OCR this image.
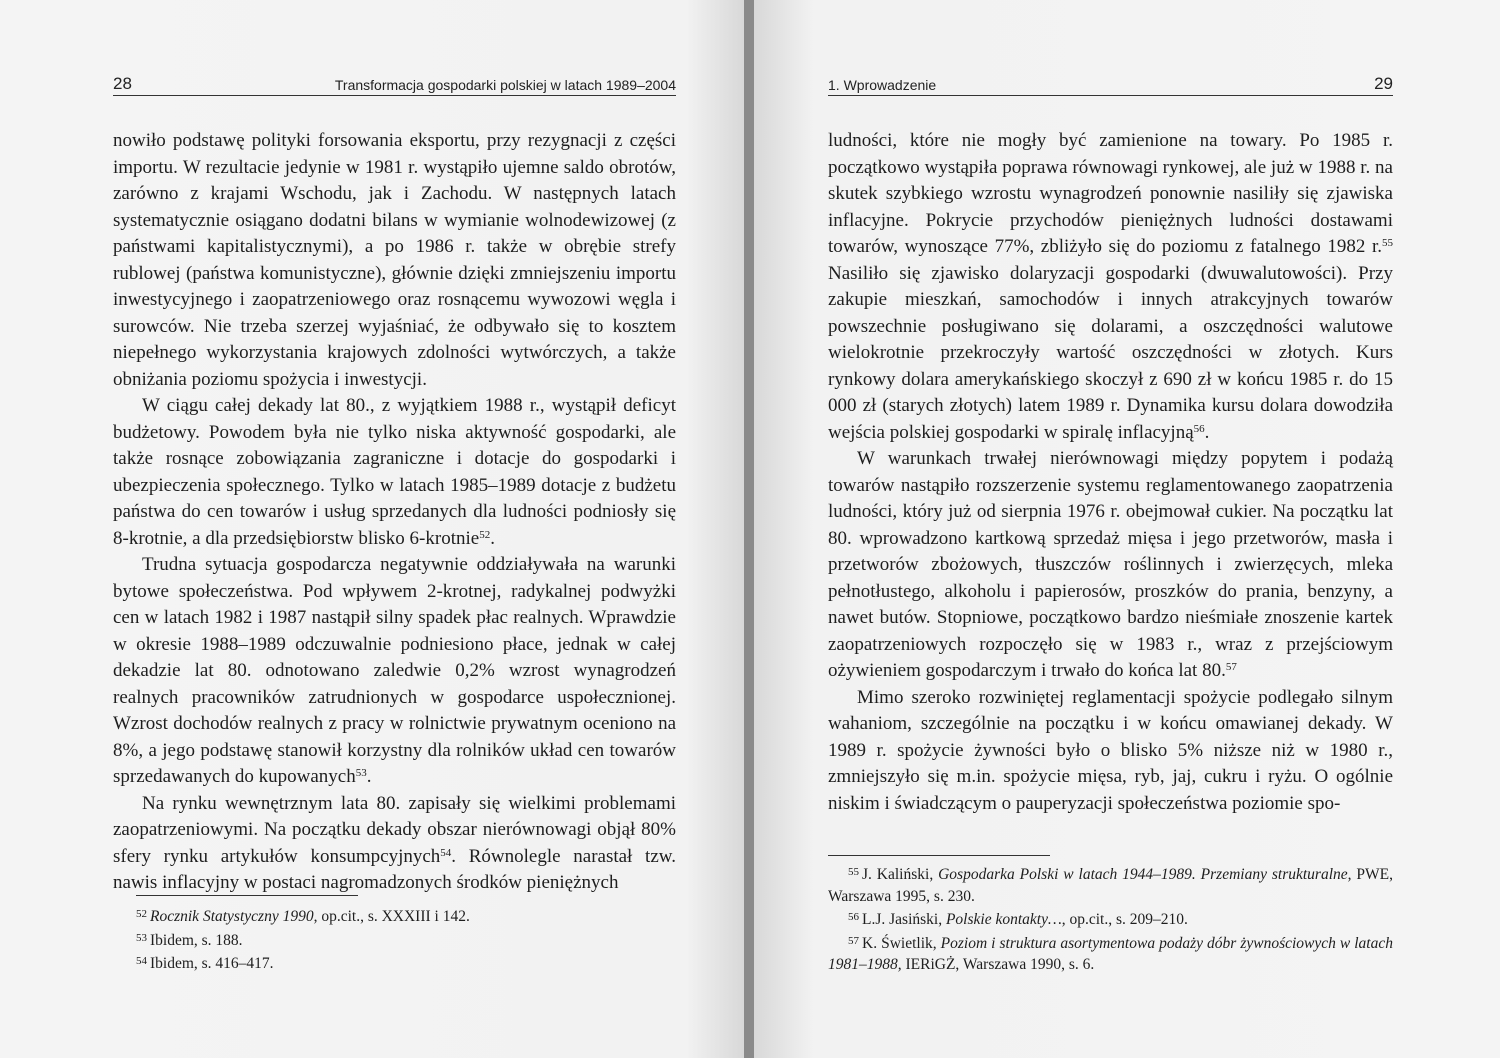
28	Transformacja gospodarki polskiej w latach 1989–2004

nowiło podstawę polityki forsowania eksportu, przy rezygnacji z części importu. W rezultacie jedynie w 1981 r. wystąpiło ujemne saldo obrotów, zarówno z krajami Wschodu, jak i Zachodu. W następnych latach systematycznie osiągano dodatni bilans w wymianie wolnodewizowej (z państwami kapitalistycznymi), a po 1986 r. także w obrębie strefy rublowej (państwa komunistyczne), głównie dzięki zmniejszeniu importu inwestycyjnego i zaopatrzeniowego oraz rosnącemu wywozowi węgla i surowców. Nie trzeba szerzej wyjaśniać, że odbywało się to kosztem niepełnego wykorzystania krajowych zdolności wytwórczych, a także obniżania poziomu spożycia i inwestycji.

W ciągu całej dekady lat 80., z wyjątkiem 1988 r., wystąpił deficyt budżetowy. Powodem była nie tylko niska aktywność gospodarki, ale także rosnące zobowiązania zagraniczne i dotacje do gospodarki i ubezpieczenia społecznego. Tylko w latach 1985–1989 dotacje z budżetu państwa do cen towarów i usług sprzedanych dla ludności podniosły się 8-krotnie, a dla przedsiębiorstw blisko 6-krotnie$^{52}$.

Trudna sytuacja gospodarcza negatywnie oddziaływała na warunki bytowe społeczeństwa. Pod wpływem 2-krotnej, radykalnej podwyżki cen w latach 1982 i 1987 nastąpił silny spadek płac realnych. Wprawdzie w okresie 1988–1989 odczuwalnie podniesiono płace, jednak w całej dekadzie lat 80. odnotowano zaledwie 0,2% wzrost wynagrodzeń realnych pracowników zatrudnionych w gospodarce uspołecznionej. Wzrost dochodów realnych z pracy w rolnictwie prywatnym oceniono na 8%, a jego podstawę stanowił korzystny dla rolników układ cen towarów sprzedawanych do kupowanych$^{53}$.

Na rynku wewnętrznym lata 80. zapisały się wielkimi problemami zaopatrzeniowymi. Na początku dekady obszar nierównowagi objął 80% sfery rynku artykułów konsumpcyjnych$^{54}$. Równolegle narastał tzw. nawis inflacyjny w postaci nagromadzonych środków pieniężnych

$^{52}$ Rocznik Statystyczny 1990, op.cit., s. XXXIII i 142.

$^{53}$ Ibidem, s. 188.

$^{54}$ Ibidem, s. 416–417.

1. Wprowadzenie	29

ludności, które nie mogły być zamienione na towary. Po 1985 r. początkowo wystąpiła poprawa równowagi rynkowej, ale już w 1988 r. na skutek szybkiego wzrostu wynagrodzeń ponownie nasiliły się zjawiska inflacyjne. Pokrycie przychodów pieniężnych ludności dostawami towarów, wynoszące 77%, zbliżyło się do poziomu z fatalnego 1982 r.$^{55}$ Nasiliło się zjawisko dolaryzacji gospodarki (dwuwalutowości). Przy zakupie mieszkań, samochodów i innych atrakcyjnych towarów powszechnie posługiwano się dolarami, a oszczędności walutowe wielokrotnie przekroczyły wartość oszczędności w złotych. Kurs rynkowy dolara amerykańskiego skoczył z 690 zł w końcu 1985 r. do 15 000 zł (starych złotych) latem 1989 r. Dynamika kursu dolara dowodziła wejścia polskiej gospodarki w spiralę inflacyjną$^{56}$.

W warunkach trwałej nierównowagi między popytem i podażą towarów nastąpiło rozszerzenie systemu reglamentowanego zaopatrzenia ludności, który już od sierpnia 1976 r. obejmował cukier. Na początku lat 80. wprowadzono kartkową sprzedaż mięsa i jego przetworów, masła i przetworów zbożowych, tłuszczów roślinnych i zwierzęcych, mleka pełnotłustego, alkoholu i papierosów, proszków do prania, benzyny, a nawet butów. Stopniowe, początkowo bardzo nieśmiałe znoszenie kartek zaopatrzeniowych rozpoczęło się w 1983 r., wraz z przejściowym ożywieniem gospodarczym i trwało do końca lat 80.57

Mimo szeroko rozwiniętej reglamentacji spożycie podlegało silnym wahaniom, szczególnie na początku i w końcu omawianej dekady. W 1989 r. spożycie żywności było o blisko 5% niższe niż w 1980 r., zmniejszyło się m.in. spożycie mięsa, ryb, jaj, cukru i ryżu. O ogólnie niskim i świadczącym o pauperyzacji społeczeństwa poziomie spo-

$^{55}$ J. Kaliński, Gospodarka Polski w latach 1944–1989. Przemiany strukturalne, PWE, Warszawa 1995, s. 230.

$^{56}$ L.J. Jasiński, Polskie kontakty…, op.cit., s. 209–210.

$^{57}$ K. Świetlik, Poziom i struktura asortymentowa podaży dóbr żywnościowych w latach 1981–1988, IERiGŻ, Warszawa 1990, s. 6.
